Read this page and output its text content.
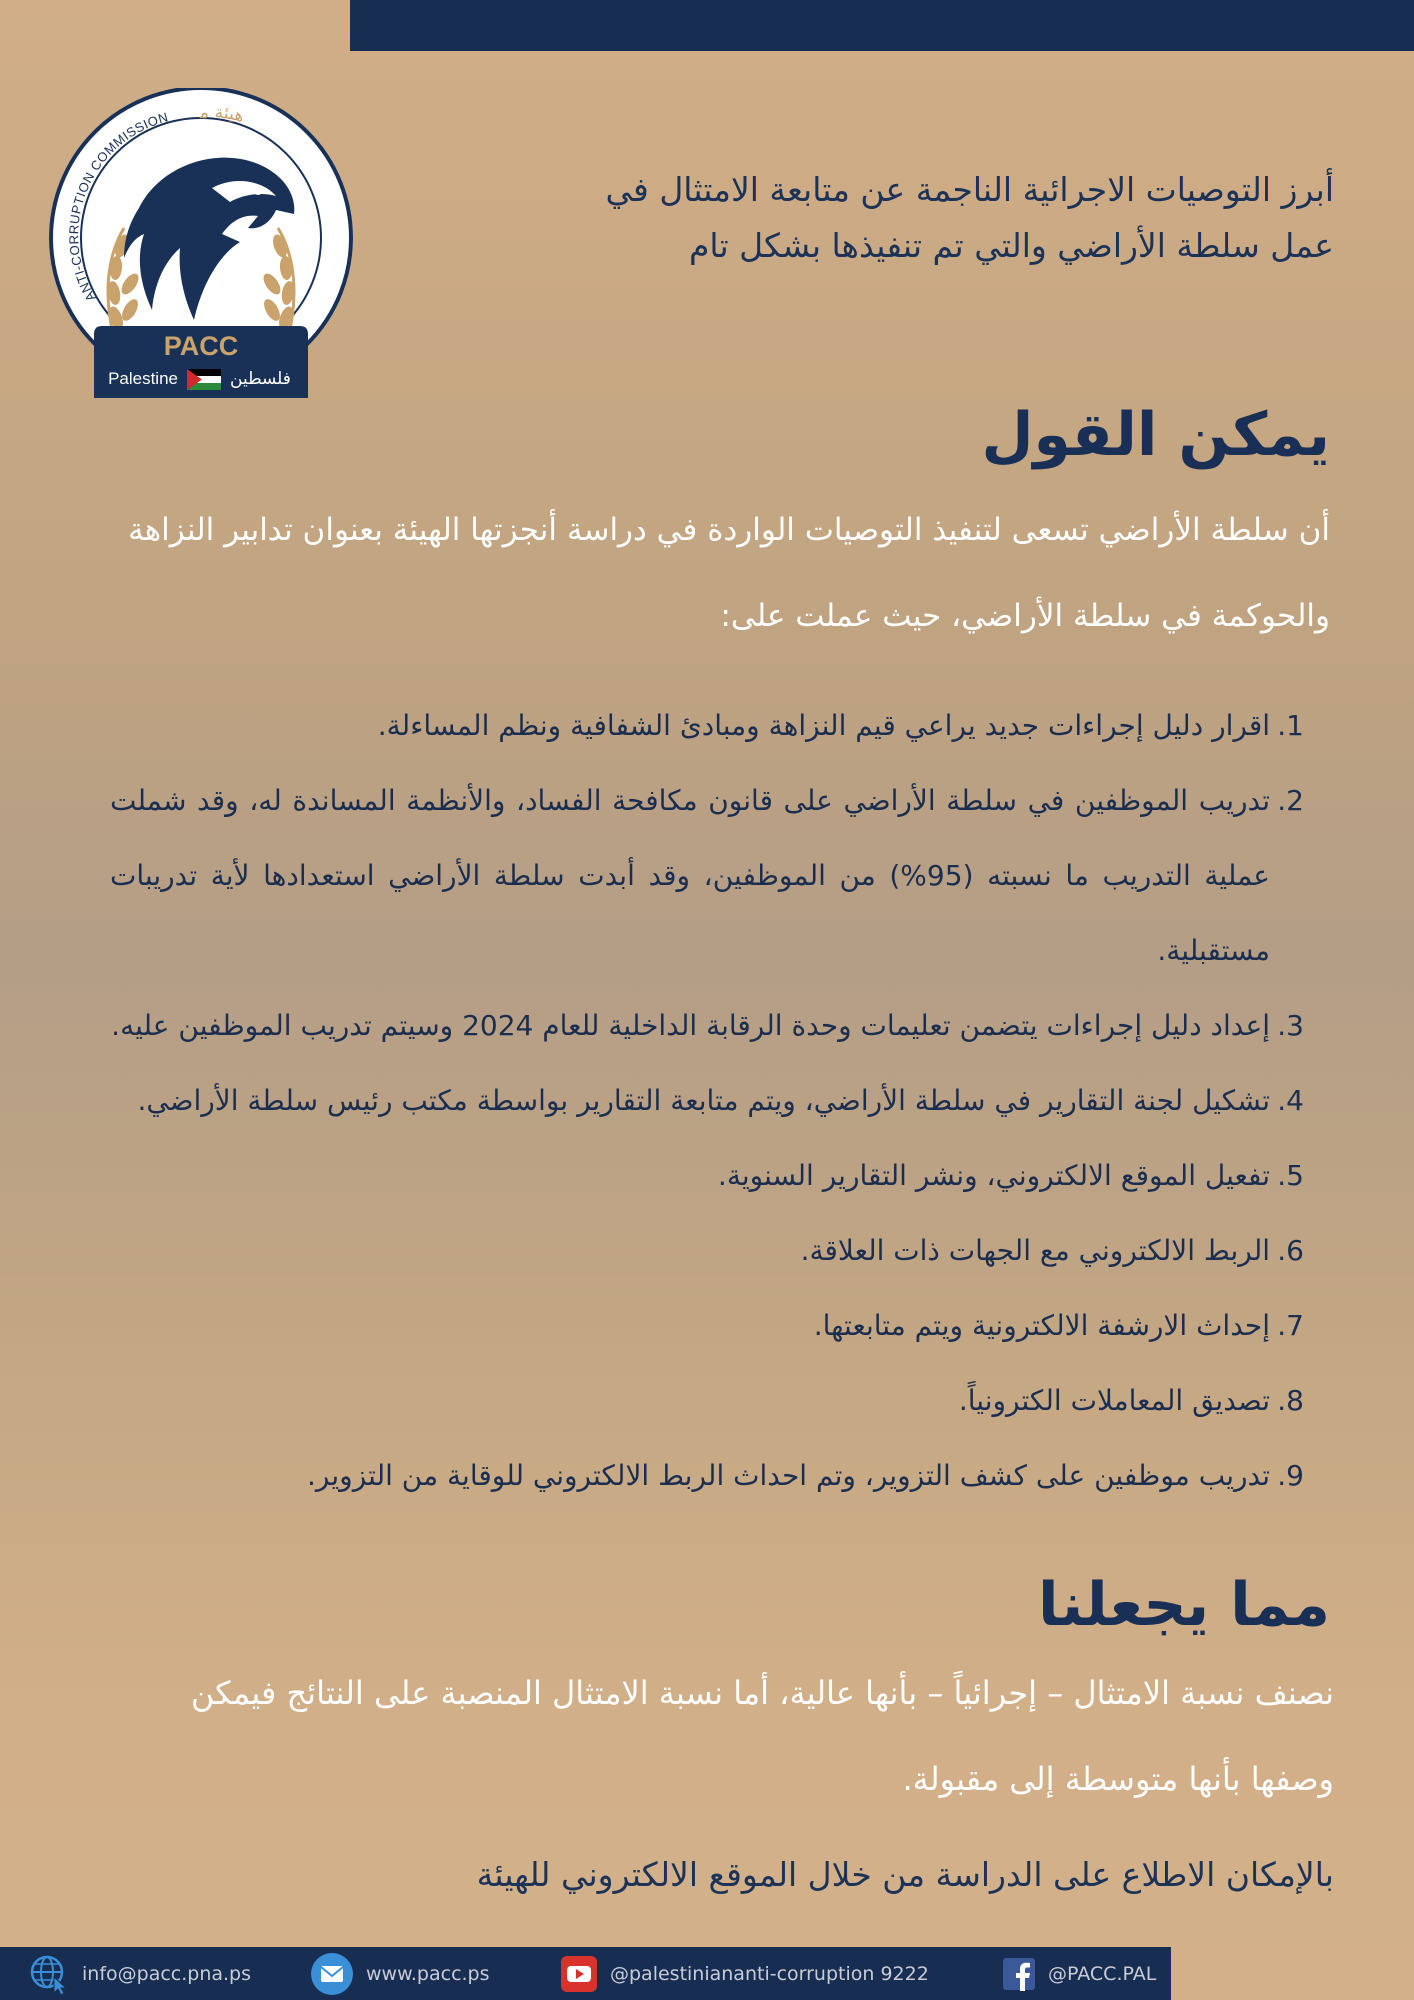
ANTI-CORRUPTION COMMISSION	هيئة م
PACC
Palestine	فلسطين
أبرز التوصيات الاجرائية الناجمة عن متابعة الامتثال في
عمل سلطة الأراضي والتي تم تنفيذها بشكل تام
يمكن القول
أن سلطة الأراضي تسعى لتنفيذ التوصيات الواردة في دراسة أنجزتها الهيئة بعنوان تدابير النزاهة
والحوكمة في سلطة الأراضي، حيث عملت على:
1.
اقرار دليل إجراءات جديد يراعي قيم النزاهة ومبادئ الشفافية ونظم المساءلة.
2.
تدريب الموظفين في سلطة الأراضي على قانون مكافحة الفساد، والأنظمة المساندة له، وقد شملت عملية التدريب ما نسبته (95%) من الموظفين، وقد أبدت سلطة الأراضي استعدادها لأية تدريبات مستقبلية.
3.
إعداد دليل إجراءات يتضمن تعليمات وحدة الرقابة الداخلية للعام 2024 وسيتم تدريب الموظفين عليه.
4.
تشكيل لجنة التقارير في سلطة الأراضي، ويتم متابعة التقارير بواسطة مكتب رئيس سلطة الأراضي.
5.
تفعيل الموقع الالكتروني، ونشر التقارير السنوية.
6.
الربط الالكتروني مع الجهات ذات العلاقة.
7.
إحداث الارشفة الالكترونية ويتم متابعتها.
8.
تصديق المعاملات الكترونياً.
9.
تدريب موظفين على كشف التزوير، وتم احداث الربط الالكتروني للوقاية من التزوير.
مما يجعلنا
نصنف نسبة الامتثال – إجرائياً – بأنها عالية، أما نسبة الامتثال المنصبة على النتائج فيمكن
وصفها بأنها متوسطة إلى مقبولة.
بالإمكان الاطلاع على الدراسة من خلال الموقع الالكتروني للهيئة
info@pacc.pna.ps	www.pacc.ps	@palestiniananti-corruption 9222	@PACC.PAL
